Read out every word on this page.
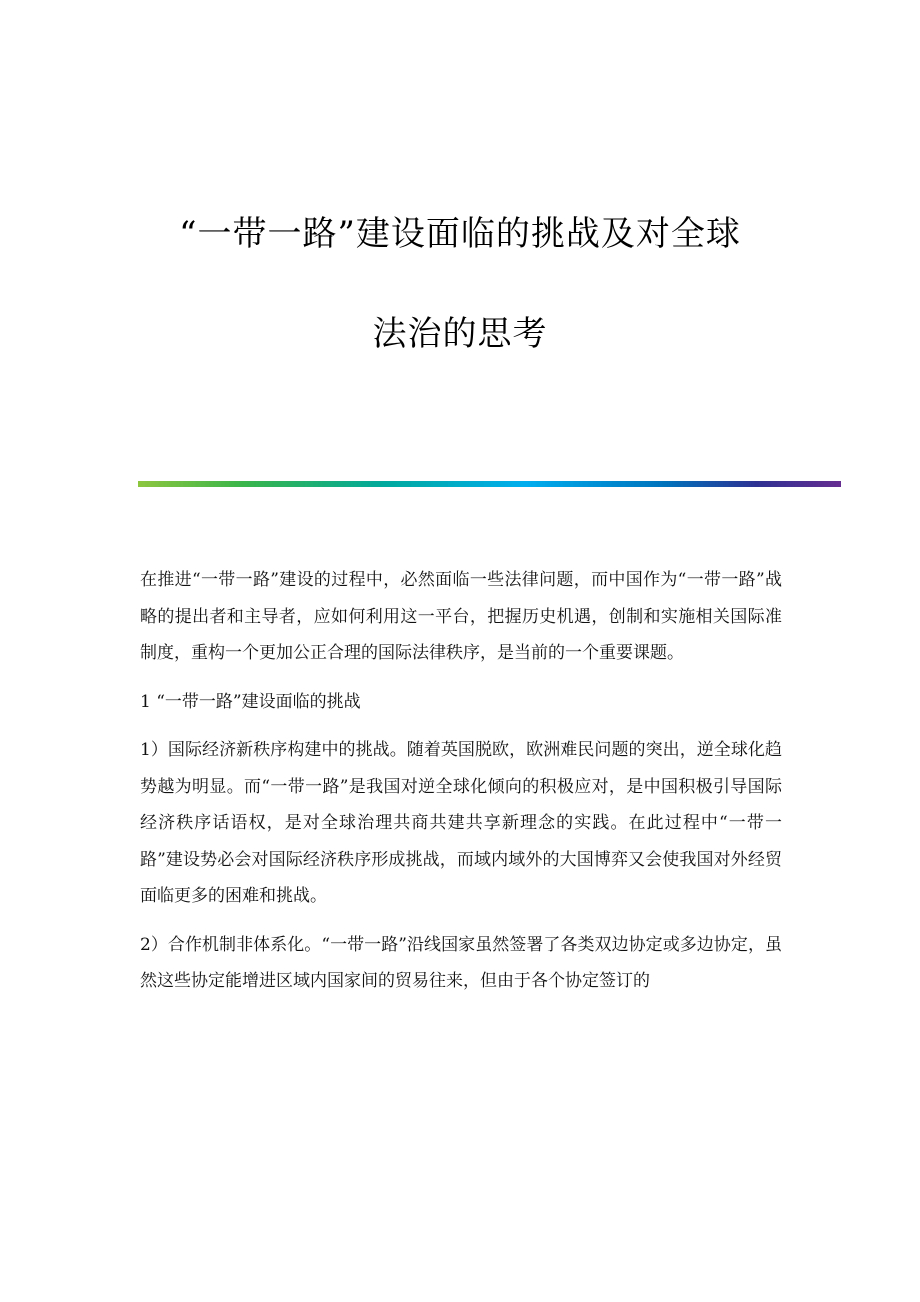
“一带一路”建设面临的挑战及对全球
法治的思考

在推进“一带一路”建设的过程中，必然面临一些法律问题，而中国作为“一带一路”战略的提出者和主导者，应如何利用这一平台，把握历史机遇，创制和实施相关国际准制度，重构一个更加公正合理的国际法律秩序，是当前的一个重要课题。

1 “一带一路”建设面临的挑战

1）国际经济新秩序构建中的挑战。随着英国脱欧，欧洲难民问题的突出，逆全球化趋势越为明显。而“一带一路”是我国对逆全球化倾向的积极应对，是中国积极引导国际经济秩序话语权，是对全球治理共商共建共享新理念的实践。在此过程中“一带一路”建设势必会对国际经济秩序形成挑战，而域内域外的大国博弈又会使我国对外经贸面临更多的困难和挑战。

2）合作机制非体系化。“一带一路”沿线国家虽然签署了各类双边协定或多边协定，虽然这些协定能增进区域内国家间的贸易往来，但由于各个协定签订的
